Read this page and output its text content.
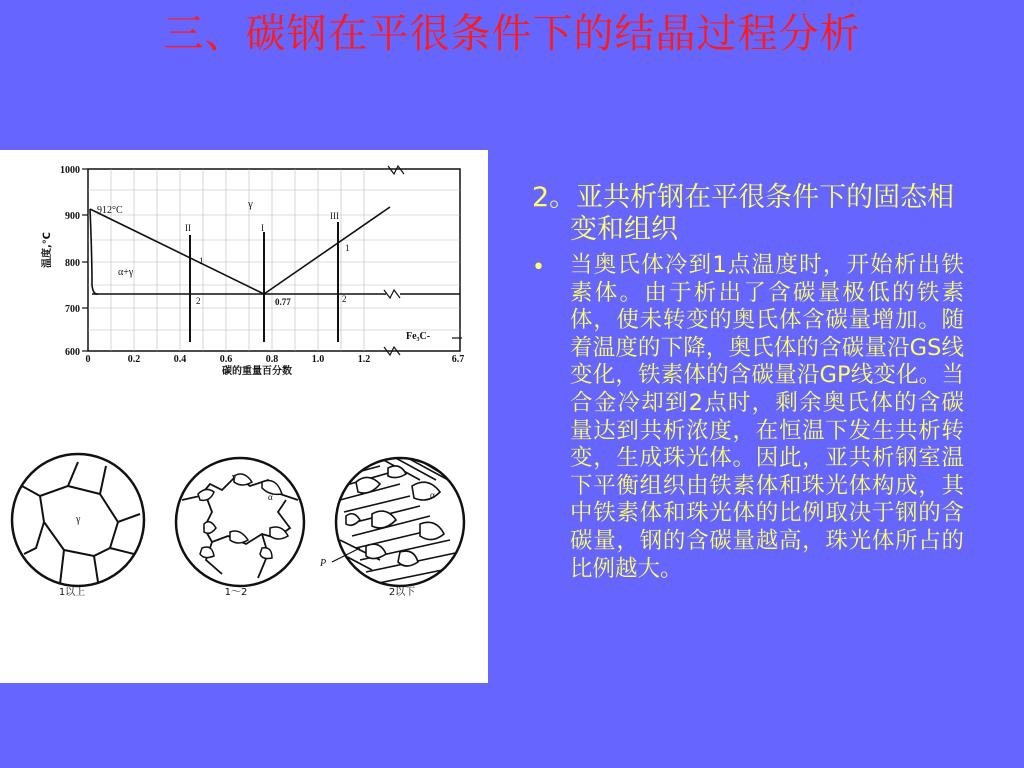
三、碳钢在平很条件下的结晶过程分析
1000
900
800
700
600
0	0.2	0.4	0.6	0.8	1.0	1.2	6.7
碳的重量百分数
温度,℃
912°C
γ
α+γ
0.77
Fe₃C-
II	I
III
1
2
1
2
γ
1以上
γ
α
1～2
P
α
2以下
2。亚共析钢在平很条件下的固态相变和组织
• 当奥氏体冷到1点温度时，开始析出铁素体。由于析出了含碳量极低的铁素体，使未转变的奥氏体含碳量增加。随着温度的下降，奥氏体的含碳量沿GS线变化，铁素体的含碳量沿GP线变化。当合金冷却到2点时，剩余奥氏体的含碳量达到共析浓度，在恒温下发生共析转变，生成珠光体。因此，亚共析钢室温下平衡组织由铁素体和珠光体构成，其中铁素体和珠光体的比例取决于钢的含碳量，钢的含碳量越高，珠光体所占的比例越大。
